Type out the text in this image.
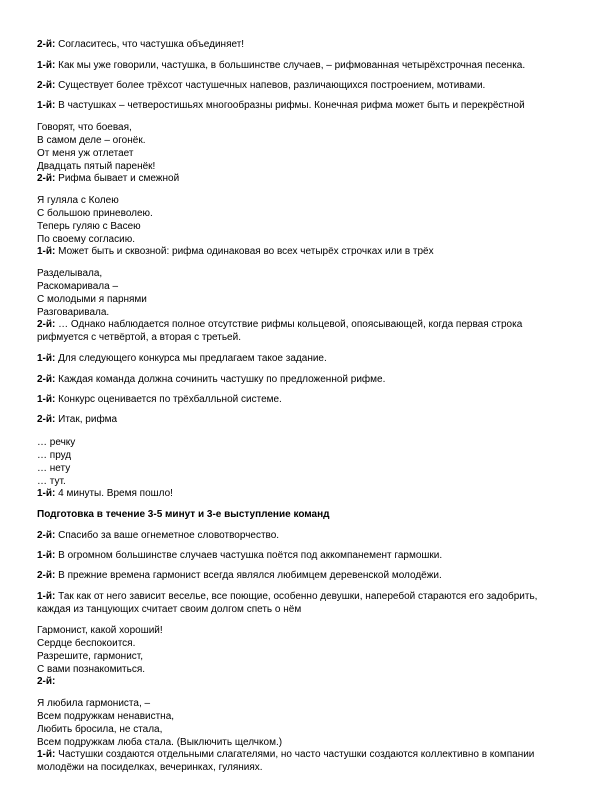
2-й: Согласитесь, что частушка объединяет!
1-й: Как мы уже говорили, частушка, в большинстве случаев, – рифмованная четырёхстрочная песенка.
2-й: Существует более трёхсот частушечных напевов, различающихся построением, мотивами.
1-й: В частушках – четверостишьях многообразны рифмы. Конечная рифма может быть и перекрёстной
Говорят, что боевая,
В самом деле – огонёк.
От меня уж отлетает
Двадцать пятый паренёк!
2-й: Рифма бывает и смежной
Я гуляла с Колею
С большою приневолею.
Теперь гуляю с Васею
По своему согласию.
1-й: Может быть и сквозной: рифма одинаковая во всех четырёх строчках или в трёх
Разделывала,
Раскомаривала –
С молодыми я парнями
Разговаривала.
2-й: … Однако наблюдается полное отсутствие рифмы кольцевой, опоясывающей, когда первая строка
рифмуется с четвёртой, а вторая с третьей.
1-й: Для следующего конкурса мы предлагаем такое задание.
2-й: Каждая команда должна сочинить частушку по предложенной рифме.
1-й: Конкурс оценивается по трёхбалльной системе.
2-й: Итак, рифма
… речку
… пруд
… нету
… тут.
1-й: 4 минуты. Время пошло!
Подготовка в течение 3-5 минут и 3-е выступление команд
2-й: Спасибо за ваше огнеметное словотворчество.
1-й: В огромном большинстве случаев частушка поётся под аккомпанемент гармошки.
2-й: В прежние времена гармонист всегда являлся любимцем деревенской молодёжи.
1-й: Так как от него зависит веселье, все поющие, особенно девушки, наперебой стараются его задобрить,
каждая из танцующих считает своим долгом спеть о нём
Гармонист, какой хороший!
Сердце беспокоится.
Разрешите, гармонист,
С вами познакомиться.
2-й:
Я любила гармониста, –
Всем подружкам ненавистна,
Любить бросила, не стала,
Всем подружкам люба стала. (Выключить щелчком.)
1-й: Частушки создаются отдельными слагателями, но часто частушки создаются коллективно в компании
молодёжи на посиделках, вечеринках, гуляниях.
